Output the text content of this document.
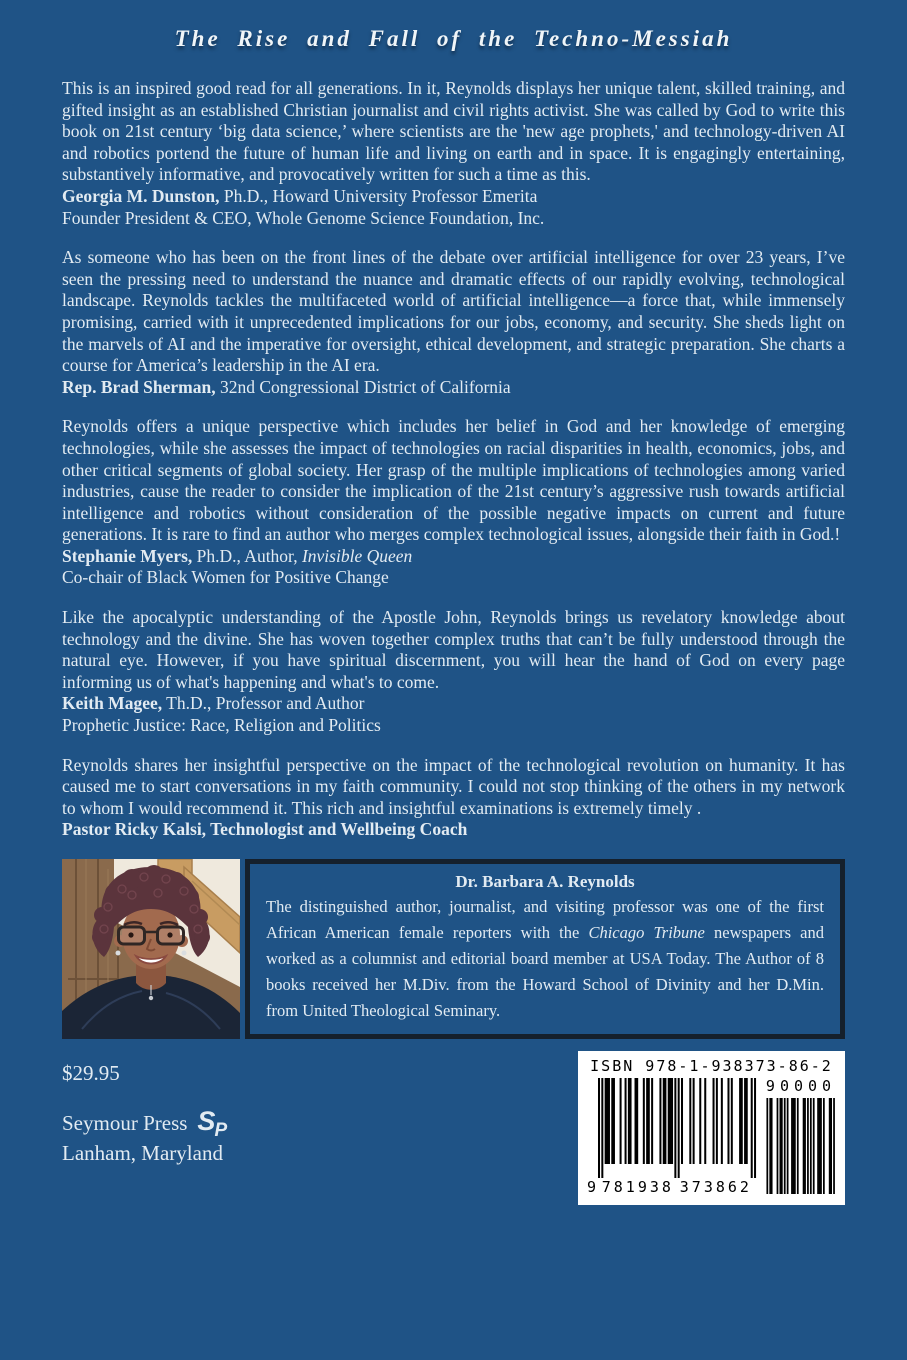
The Rise and Fall of the Techno-Messiah

This is an inspired good read for all generations. In it, Reynolds displays her unique talent, skilled training, and gifted insight as an established Christian journalist and civil rights activist. She was called by God to write this book on 21st century ‘big data science,’ where scientists are the 'new age prophets,' and technology-driven AI and robotics portend the future of human life and living on earth and in space. It is engagingly entertaining, substantively informative, and provocatively written for such a time as this.

Georgia M. Dunston, Ph.D., Howard University Professor Emerita
Founder President & CEO, Whole Genome Science Foundation, Inc.

As someone who has been on the front lines of the debate over artificial intelligence for over 23 years, I’ve seen the pressing need to understand the nuance and dramatic effects of our rapidly evolving, technological landscape. Reynolds tackles the multifaceted world of artificial intelligence—a force that, while immensely promising, carried with it unprecedented implications for our jobs, economy, and security. She sheds light on the marvels of AI and the imperative for oversight, ethical development, and strategic preparation. She charts a course for America’s leadership in the AI era.

Rep. Brad Sherman, 32nd Congressional District of California

Reynolds offers a unique perspective which includes her belief in God and her knowledge of emerging technologies, while she assesses the impact of technologies on racial disparities in health, economics, jobs, and other critical segments of global society. Her grasp of the multiple implications of technologies among varied industries, cause the reader to consider the implication of the 21st century’s aggressive rush towards artificial intelligence and robotics without consideration of the possible negative impacts on current and future generations. It is rare to find an author who merges complex technological issues, alongside their faith in God.!

Stephanie Myers, Ph.D., Author, Invisible Queen
Co-chair of Black Women for Positive Change

Like the apocalyptic understanding of the Apostle John, Reynolds brings us revelatory knowledge about technology and the divine. She has woven together complex truths that can’t be fully understood through the natural eye. However, if you have spiritual discernment, you will hear the hand of God on every page informing us of what's happening and what's to come.

Keith Magee, Th.D., Professor and Author
Prophetic Justice: Race, Religion and Politics

Reynolds shares her insightful perspective on the impact of the technological revolution on humanity. It has caused me to start conversations in my faith community. I could not stop thinking of the others in my network to whom I would recommend it. This rich and insightful examinations is extremely timely .

Pastor Ricky Kalsi, Technologist and Wellbeing Coach

Dr. Barbara A. Reynolds

The distinguished author, journalist, and visiting professor was one of the first African American female reporters with the Chicago Tribune newspapers and worked as a columnist and editorial board member at USA Today. The Author of 8 books received her M.Div. from the Howard School of Divinity and her D.Min. from United Theological Seminary.

$29.95

Seymour Press SP

Lanham, Maryland

ISBN 978-1-938373-86-2

9 781938 373862
90000
